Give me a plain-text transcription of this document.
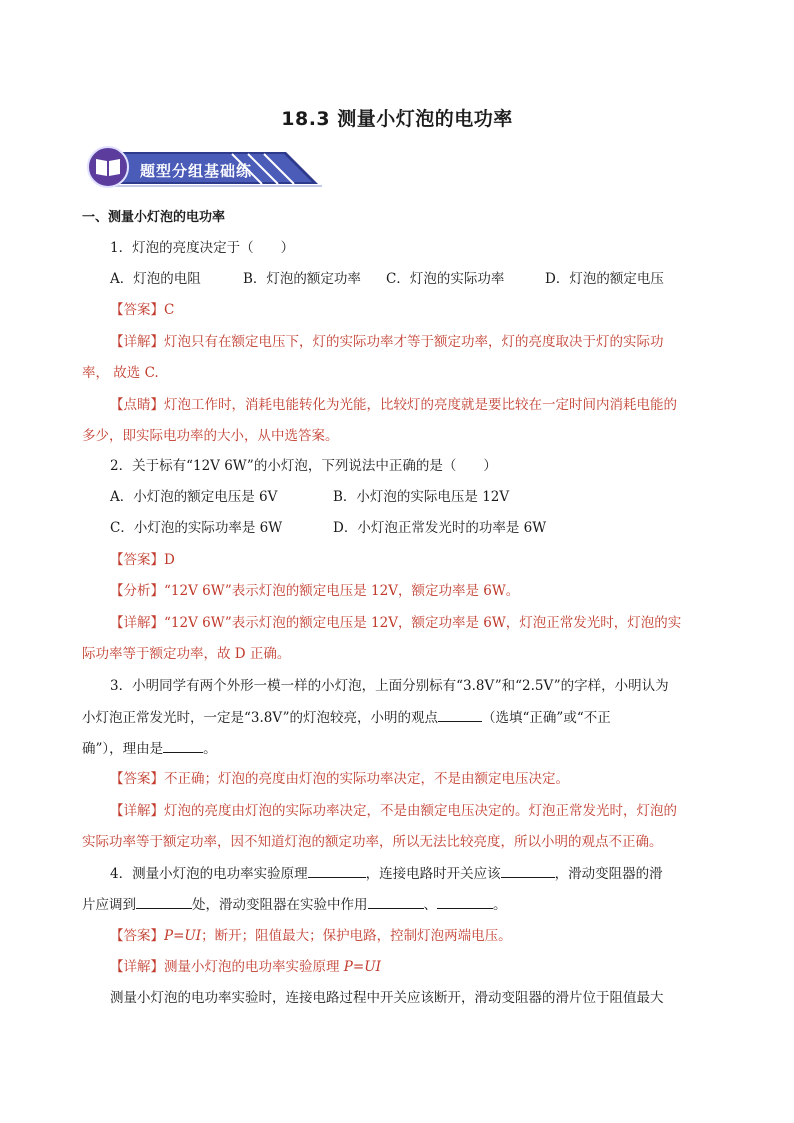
18.3 测量小灯泡的电功率
题型分组基础练
一、测量小灯泡的电功率
1．灯泡的亮度决定于（　　）
A．灯泡的电阻	B．灯泡的额定功率 C．灯泡的实际功率	D．灯泡的额定电压
【答案】C
【详解】灯泡只有在额定电压下，灯的实际功率才等于额定功率，灯的亮度取决于灯的实际功
率， 故选 C.
【点睛】灯泡工作时，消耗电能转化为光能，比较灯的亮度就是要比较在一定时间内消耗电能的
多少，即实际电功率的大小，从中选答案。
2．关于标有“12V 6W”的小灯泡，下列说法中正确的是（　　）
A．小灯泡的额定电压是 6V	B．小灯泡的实际电压是 12V
C．小灯泡的实际功率是 6W	D．小灯泡正常发光时的功率是 6W
【答案】D
【分析】“12V 6W”表示灯泡的额定电压是 12V，额定功率是 6W。
【详解】“12V 6W”表示灯泡的额定电压是 12V，额定功率是 6W，灯泡正常发光时，灯泡的实
际功率等于额定功率，故 D 正确。
3．小明同学有两个外形一模一样的小灯泡，上面分别标有“3.8V”和“2.5V”的字样，小明认为
小灯泡正常发光时，一定是“3.8V”的灯泡较亮，小明的观点	（选填“正确”或“不正
确”），理由是	。
【答案】不正确；灯泡的亮度由灯泡的实际功率决定，不是由额定电压决定。
【详解】灯泡的亮度由灯泡的实际功率决定，不是由额定电压决定的。灯泡正常发光时，灯泡的
实际功率等于额定功率，因不知道灯泡的额定功率，所以无法比较亮度，所以小明的观点不正确。
4．测量小灯泡的电功率实验原理	，连接电路时开关应该	，滑动变阻器的滑
片应调到	处，滑动变阻器在实验中作用	、	。
【答案】P=UI；断开；阻值最大；保护电路，控制灯泡两端电压。
【详解】测量小灯泡的电功率实验原理 P=UI
测量小灯泡的电功率实验时，连接电路过程中开关应该断开，滑动变阻器的滑片位于阻值最大
